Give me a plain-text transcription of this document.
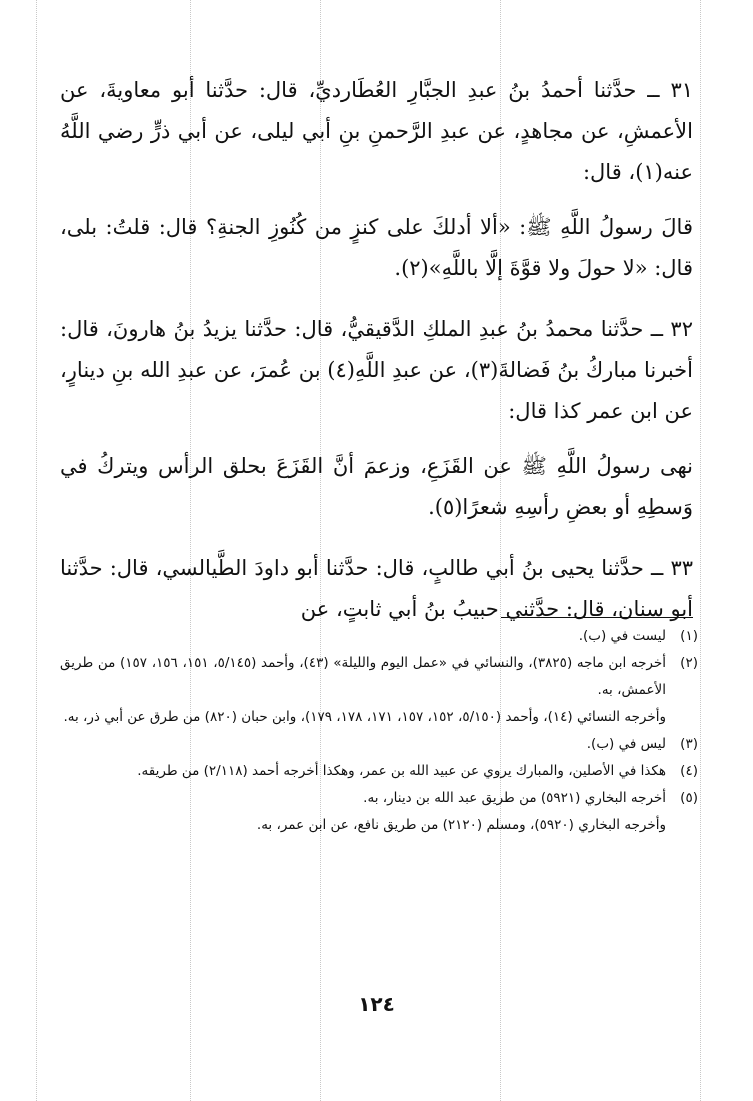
٣١ ــ حدَّثنا أحمدُ بنُ عبدِ الجبَّارِ العُطَارديِّ، قال: حدَّثنا أبو معاويةَ، عن الأعمشِ، عن مجاهدٍ، عن عبدِ الرَّحمنِ بنِ أبي ليلى، عن أبي ذرٍّ رضي اللَّهُ عنه(١)، قال:

قالَ رسولُ اللَّهِ ﷺ: «ألا أدلكَ على كنزٍ من كُنُوزِ الجنةِ؟ قال: قلتُ: بلى، قال: «لا حولَ ولا قوَّةَ إلَّا باللَّهِ»(٢).

٣٢ ــ حدَّثنا محمدُ بنُ عبدِ الملكِ الدَّقيقيُّ، قال: حدَّثنا يزيدُ بنُ هارونَ، قال: أخبرنا مباركُ بنُ فَضالةَ(٣)، عن عبدِ اللَّهِ(٤) بن عُمرَ، عن عبدِ الله بنِ دينارٍ، عن ابن عمر كذا قال:

نهى رسولُ اللَّهِ ﷺ عن القَزَعِ، وزعمَ أنَّ القَزَعَ بحلق الرأس ويتركُ في وَسطِهِ أو بعضِ رأسِهِ شعرًا(٥).

٣٣ ــ حدَّثنا يحيى بنُ أبي طالبٍ، قال: حدَّثنا أبو داودَ الطَّيالسي، قال: حدَّثنا أبو سنان، قال: حدَّثني حبيبُ بنُ أبي ثابتٍ، عن

(١)
ليست في (ب).
(٢)
أخرجه ابن ماجه (٣٨٢٥)، والنسائي في «عمل اليوم والليلة» (٤٣)، وأحمد (٥/١٤٥، ١٥١، ١٥٦، ١٥٧) من طريق الأعمش، به.
وأخرجه النسائي (١٤)، وأحمد (٥/١٥٠، ١٥٢، ١٥٧، ١٧١، ١٧٨، ١٧٩)، وابن حبان (٨٢٠) من طرق عن أبي ذر، به.
(٣)
ليس في (ب).
(٤)
هكذا في الأصلين، والمبارك يروي عن عبيد الله بن عمر، وهكذا أخرجه أحمد (٢/١١٨) من طريقه.
(٥)
أخرجه البخاري (٥٩٢١) من طريق عبد الله بن دينار، به.
وأخرجه البخاري (٥٩٢٠)، ومسلم (٢١٢٠) من طريق نافع، عن ابن عمر، به.
١٢٤
